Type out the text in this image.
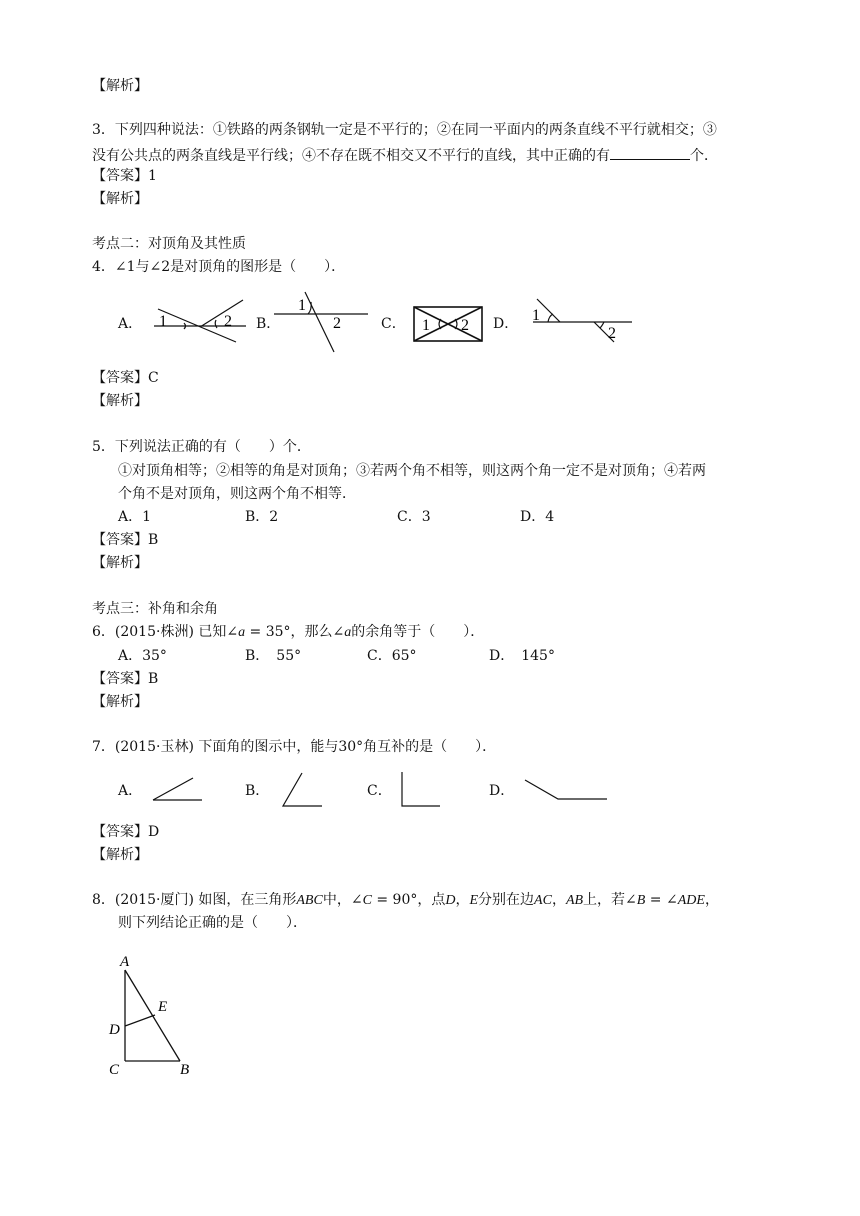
【解析】
3．下列四种说法：①铁路的两条钢轨一定是不平行的；②在同一平面内的两条直线不平行就相交；③
没有公共点的两条直线是平行线；④不存在既不相交又不平行的直线，其中正确的有	个．
【答案】1
【解析】
考点二：对顶角及其性质
4．∠1与∠2是对顶角的图形是（　　）．
A．	B．	C．	D．
1	2
1
2	1 2
1
2
【答案】C
【解析】
5．下列说法正确的有（　　）个．
①对顶角相等；②相等的角是对顶角；③若两个角不相等，则这两个角一定不是对顶角；④若两
个角不是对顶角，则这两个角不相等．
A．1	B．2	C．3	D．4
【答案】B
【解析】
考点三：补角和余角
6．(2015·株洲) 已知∠a = 35°，那么∠a的余角等于（　　）．
A．35°	B．　55°	C．65°	D．　145°
【答案】B
【解析】
7．(2015·玉林) 下面角的图示中，能与30°角互补的是（　　）．
A．	B．	C．	D．
【答案】D
【解析】
8．(2015·厦门) 如图，在三角形ABC中，∠C = 90°，点D，E分别在边AC，AB上，若∠B = ∠ADE，
则下列结论正确的是（　　）．
A
E
D
C	B
